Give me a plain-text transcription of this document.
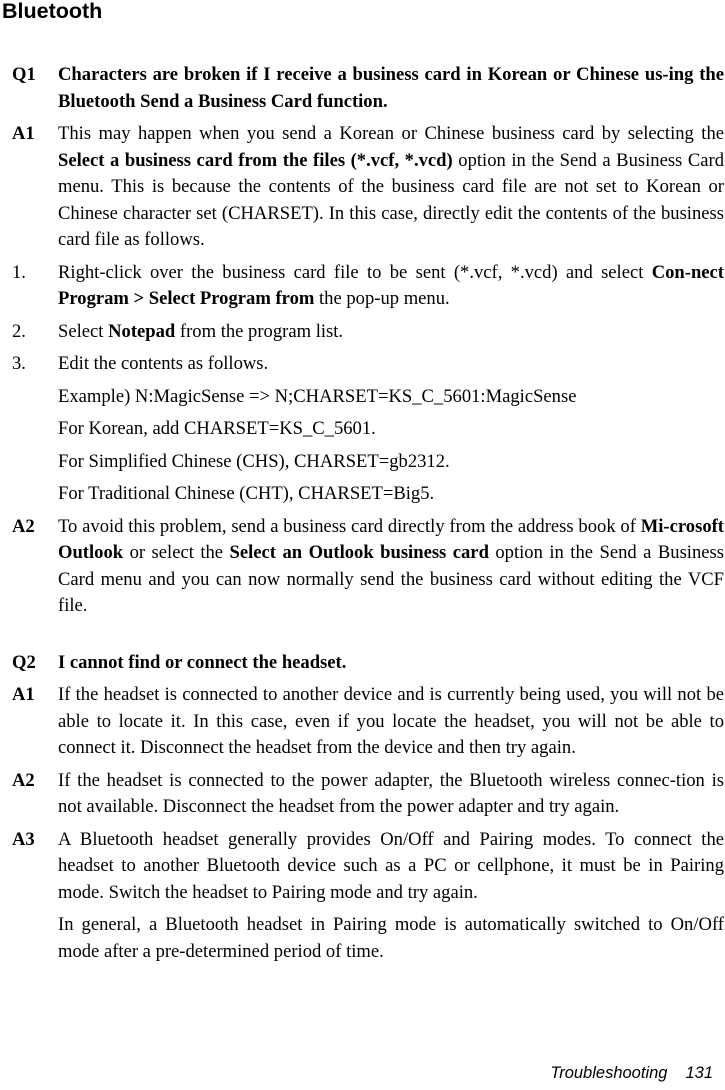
Bluetooth
Q1	Characters are broken if I receive a business card in Korean or Chinese us-ing the Bluetooth Send a Business Card function.
A1	This may happen when you send a Korean or Chinese business card by selecting the Select a business card from the files (*.vcf, *.vcd) option in the Send a Business Card menu. This is because the contents of the business card file are not set to Korean or Chinese character set (CHARSET). In this case, directly edit the contents of the business card file as follows.
1.	Right-click over the business card file to be sent (*.vcf, *.vcd) and select Con-nect Program > Select Program from the pop-up menu.
2.	Select Notepad from the program list.
3.	Edit the contents as follows.
Example) N:MagicSense => N;CHARSET=KS_C_5601:MagicSense
For Korean, add CHARSET=KS_C_5601.
For Simplified Chinese (CHS), CHARSET=gb2312.
For Traditional Chinese (CHT), CHARSET=Big5.
A2	To avoid this problem, send a business card directly from the address book of Mi-crosoft Outlook or select the Select an Outlook business card option in the Send a Business Card menu and you can now normally send the business card without editing the VCF file.
Q2	I cannot find or connect the headset.
A1	If the headset is connected to another device and is currently being used, you will not be able to locate it. In this case, even if you locate the headset, you will not be able to connect it. Disconnect the headset from the device and then try again.
A2	If the headset is connected to the power adapter, the Bluetooth wireless connec-tion is not available. Disconnect the headset from the power adapter and try again.
A3	A Bluetooth headset generally provides On/Off and Pairing modes. To connect the headset to another Bluetooth device such as a PC or cellphone, it must be in Pairing mode. Switch the headset to Pairing mode and try again.
In general, a Bluetooth headset in Pairing mode is automatically switched to On/Off mode after a pre-determined period of time.
Troubleshooting 131
